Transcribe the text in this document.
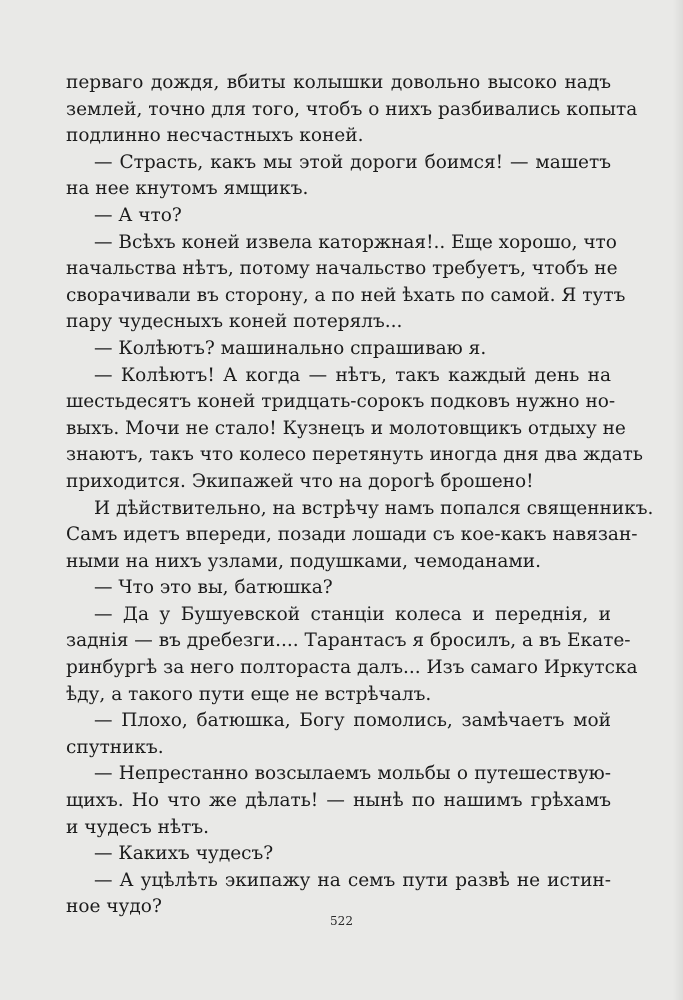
перваго дождя, вбиты колышки довольно высоко надъ
землей, точно для того, чтобъ о нихъ разбивались копыта
подлинно несчастныхъ коней.
— Страсть, какъ мы этой дороги боимся! — машетъ
на нее кнутомъ ямщикъ.
— А что?
— Всѣхъ коней извела каторжная!.. Еще хорошо, что
начальства нѣтъ, потому начальство требуетъ, чтобъ не
сворачивали въ сторону, а по ней ѣхать по самой. Я тутъ
пару чудесныхъ коней потерялъ...
— Колѣютъ? машинально спрашиваю я.
— Колѣютъ! А когда — нѣтъ, такъ каждый день на
шестьдесятъ коней тридцать-сорокъ подковъ нужно но-
выхъ. Мочи не стало! Кузнецъ и молотовщикъ отдыху не
знаютъ, такъ что колесо перетянуть иногда дня два ждать
приходится. Экипажей что на дорогѣ брошено!
И дѣйствительно, на встрѣчу намъ попался священникъ.
Самъ идетъ впереди, позади лошади съ кое-какъ навязан-
ными на нихъ узлами, подушками, чемоданами.
— Что это вы, батюшка?
— Да у Бушуевской станціи колеса и переднія, и
заднія — въ дребезги.... Тарантасъ я бросилъ, а въ Екате-
ринбургѣ за него полтораста далъ... Изъ самаго Иркутска
ѣду, а такого пути еще не встрѣчалъ.
— Плохо, батюшка, Богу помолись, замѣчаетъ мой
спутникъ.
— Непрестанно возсылаемъ мольбы о путешествую-
щихъ. Но что же дѣлать! — нынѣ по нашимъ грѣхамъ
и чудесъ нѣтъ.
— Какихъ чудесъ?
— А уцѣлѣть экипажу на семъ пути развѣ не истин-
ное чудо?
522
